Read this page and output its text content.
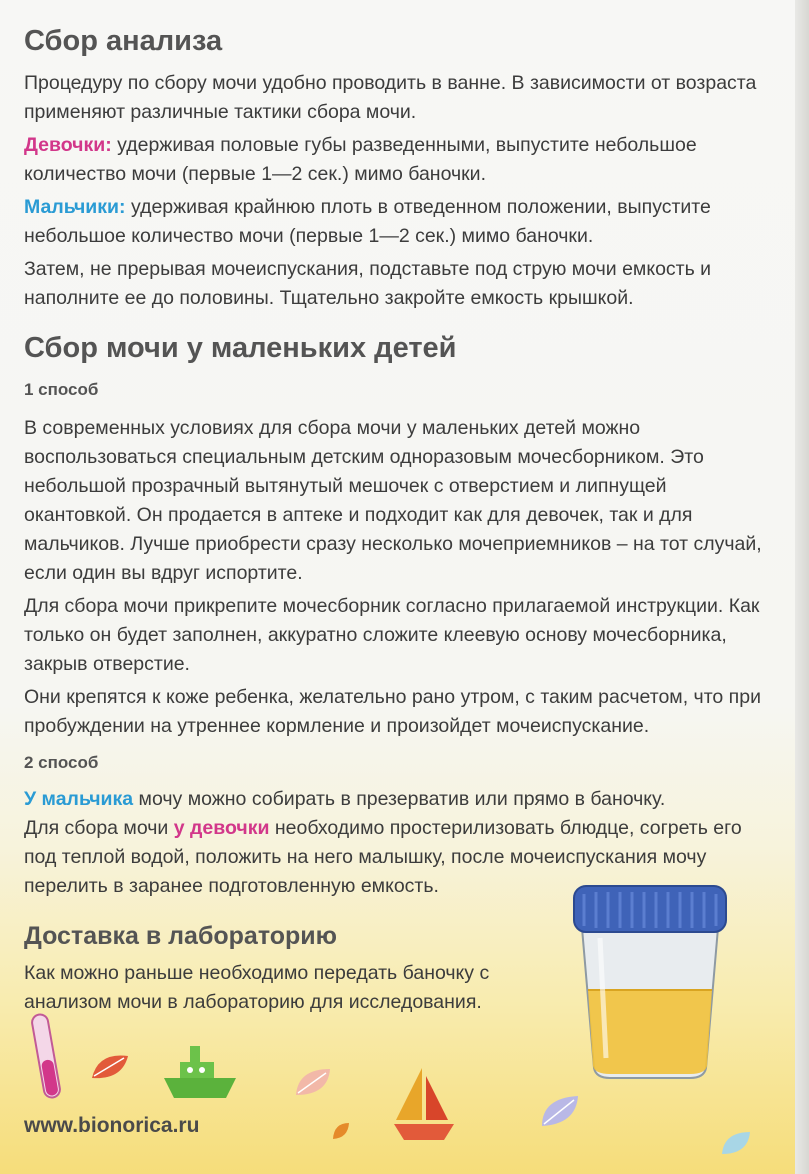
Сбор анализа

Процедуру по сбору мочи удобно проводить в ванне. В зависимости от возраста применяют различные тактики сбора мочи.

Девочки: удерживая половые губы разведенными, выпустите небольшое количество мочи (первые 1—2 сек.) мимо баночки.

Мальчики: удерживая крайнюю плоть в отведенном положении, выпустите небольшое количество мочи (первые 1—2 сек.) мимо баночки.

Затем, не прерывая мочеиспускания, подставьте под струю мочи емкость и наполните ее до половины. Тщательно закройте емкость крышкой.

Сбор мочи у маленьких детей
1 способ

В современных условиях для сбора мочи у маленьких детей можно воспользоваться специальным детским одноразовым мочесборником. Это небольшой прозрачный вытянутый мешочек с отверстием и липнущей окантовкой. Он продается в аптеке и подходит как для девочек, так и для мальчиков. Лучше приобрести сразу несколько мочеприемников – на тот случай, если один вы вдруг испортите.

Для сбора мочи прикрепите мочесборник согласно прилагаемой инструкции. Как только он будет заполнен, аккуратно сложите клеевую основу мочесборника, закрыв отверстие.

Они крепятся к коже ребенка, желательно рано утром, с таким расчетом, что при пробуждении на утреннее кормление и произойдет мочеиспускание.

2 способ

У мальчика мочу можно собирать в презерватив или прямо в баночку.
Для сбора мочи у девочки необходимо простерилизовать блюдце, согреть его под теплой водой, положить на него малышку, после мочеиспускания мочу перелить в заранее подготовленную емкость.

Доставка в лабораторию

Как можно раньше необходимо передать баночку с анализом мочи в лабораторию для исследования.

www.bionorica.ru
